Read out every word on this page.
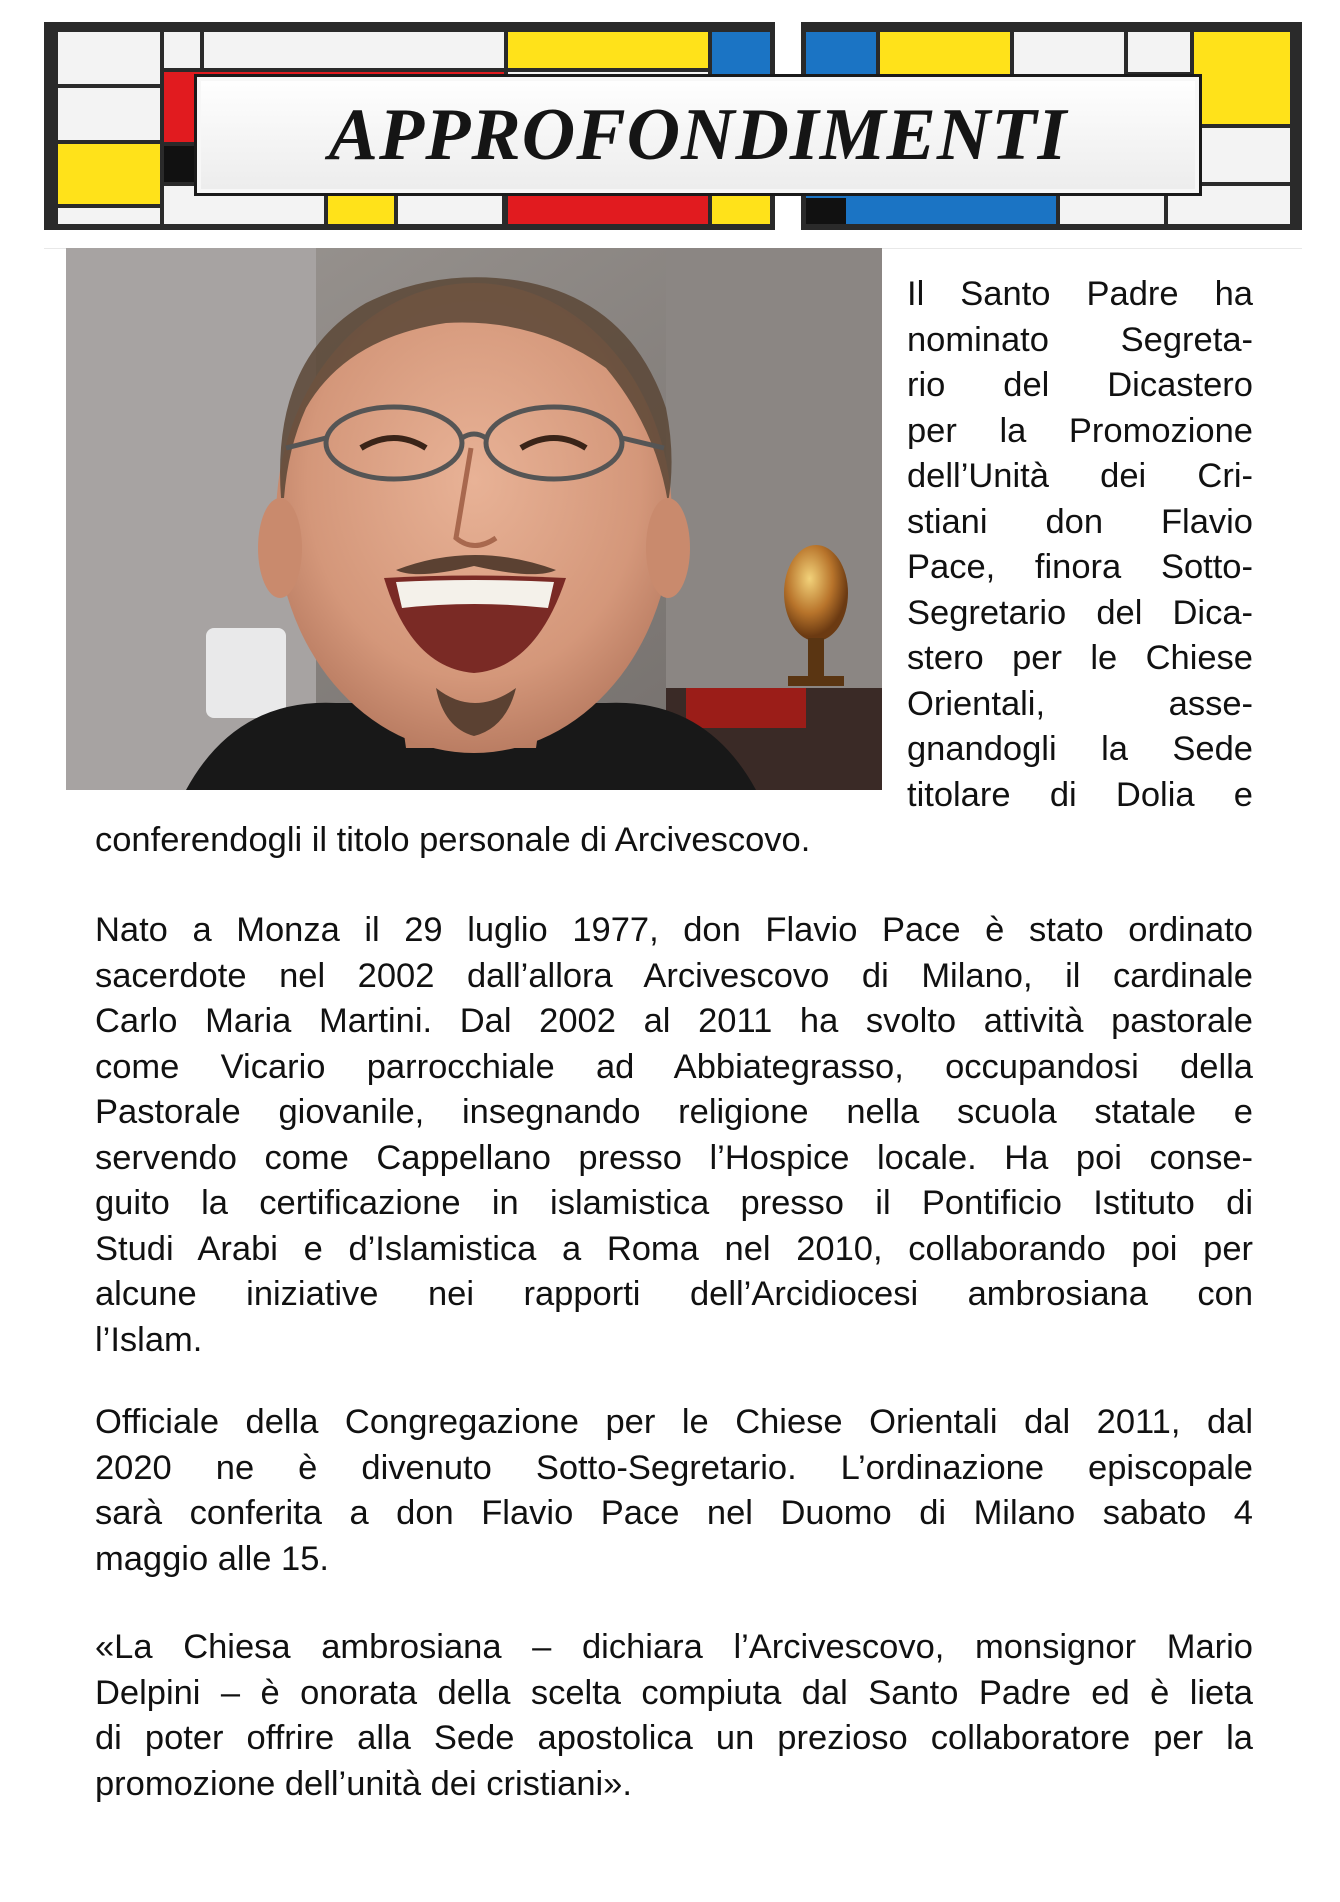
APPROFONDIMENTI
Il Santo Padre ha
nominato Segreta-
rio del Dicastero
per la Promozione
dell’Unità dei Cri-
stiani don Flavio
Pace, finora Sotto-
Segretario del Dica-
stero per le Chiese
Orientali, asse-
gnandogli la Sede
titolare di Dolia e
conferendogli il titolo personale di Arcivescovo.
Nato a Monza il 29 luglio 1977, don Flavio Pace è stato ordinato
sacerdote nel 2002 dall’allora Arcivescovo di Milano, il cardinale
Carlo Maria Martini. Dal 2002 al 2011 ha svolto attività pastorale
come Vicario parrocchiale ad Abbiategrasso, occupandosi della
Pastorale giovanile, insegnando religione nella scuola statale e
servendo come Cappellano presso l’Hospice locale. Ha poi conse-
guito la certificazione in islamistica presso il Pontificio Istituto di
Studi Arabi e d’Islamistica a Roma nel 2010, collaborando poi per
alcune iniziative nei rapporti dell’Arcidiocesi ambrosiana con
l’Islam.
Officiale della Congregazione per le Chiese Orientali dal 2011, dal
2020 ne è divenuto Sotto-Segretario. L’ordinazione episcopale
sarà conferita a don Flavio Pace nel Duomo di Milano sabato 4
maggio alle 15.
«La Chiesa ambrosiana – dichiara l’Arcivescovo, monsignor Mario
Delpini – è onorata della scelta compiuta dal Santo Padre ed è lieta
di poter offrire alla Sede apostolica un prezioso collaboratore per la
promozione dell’unità dei cristiani».
